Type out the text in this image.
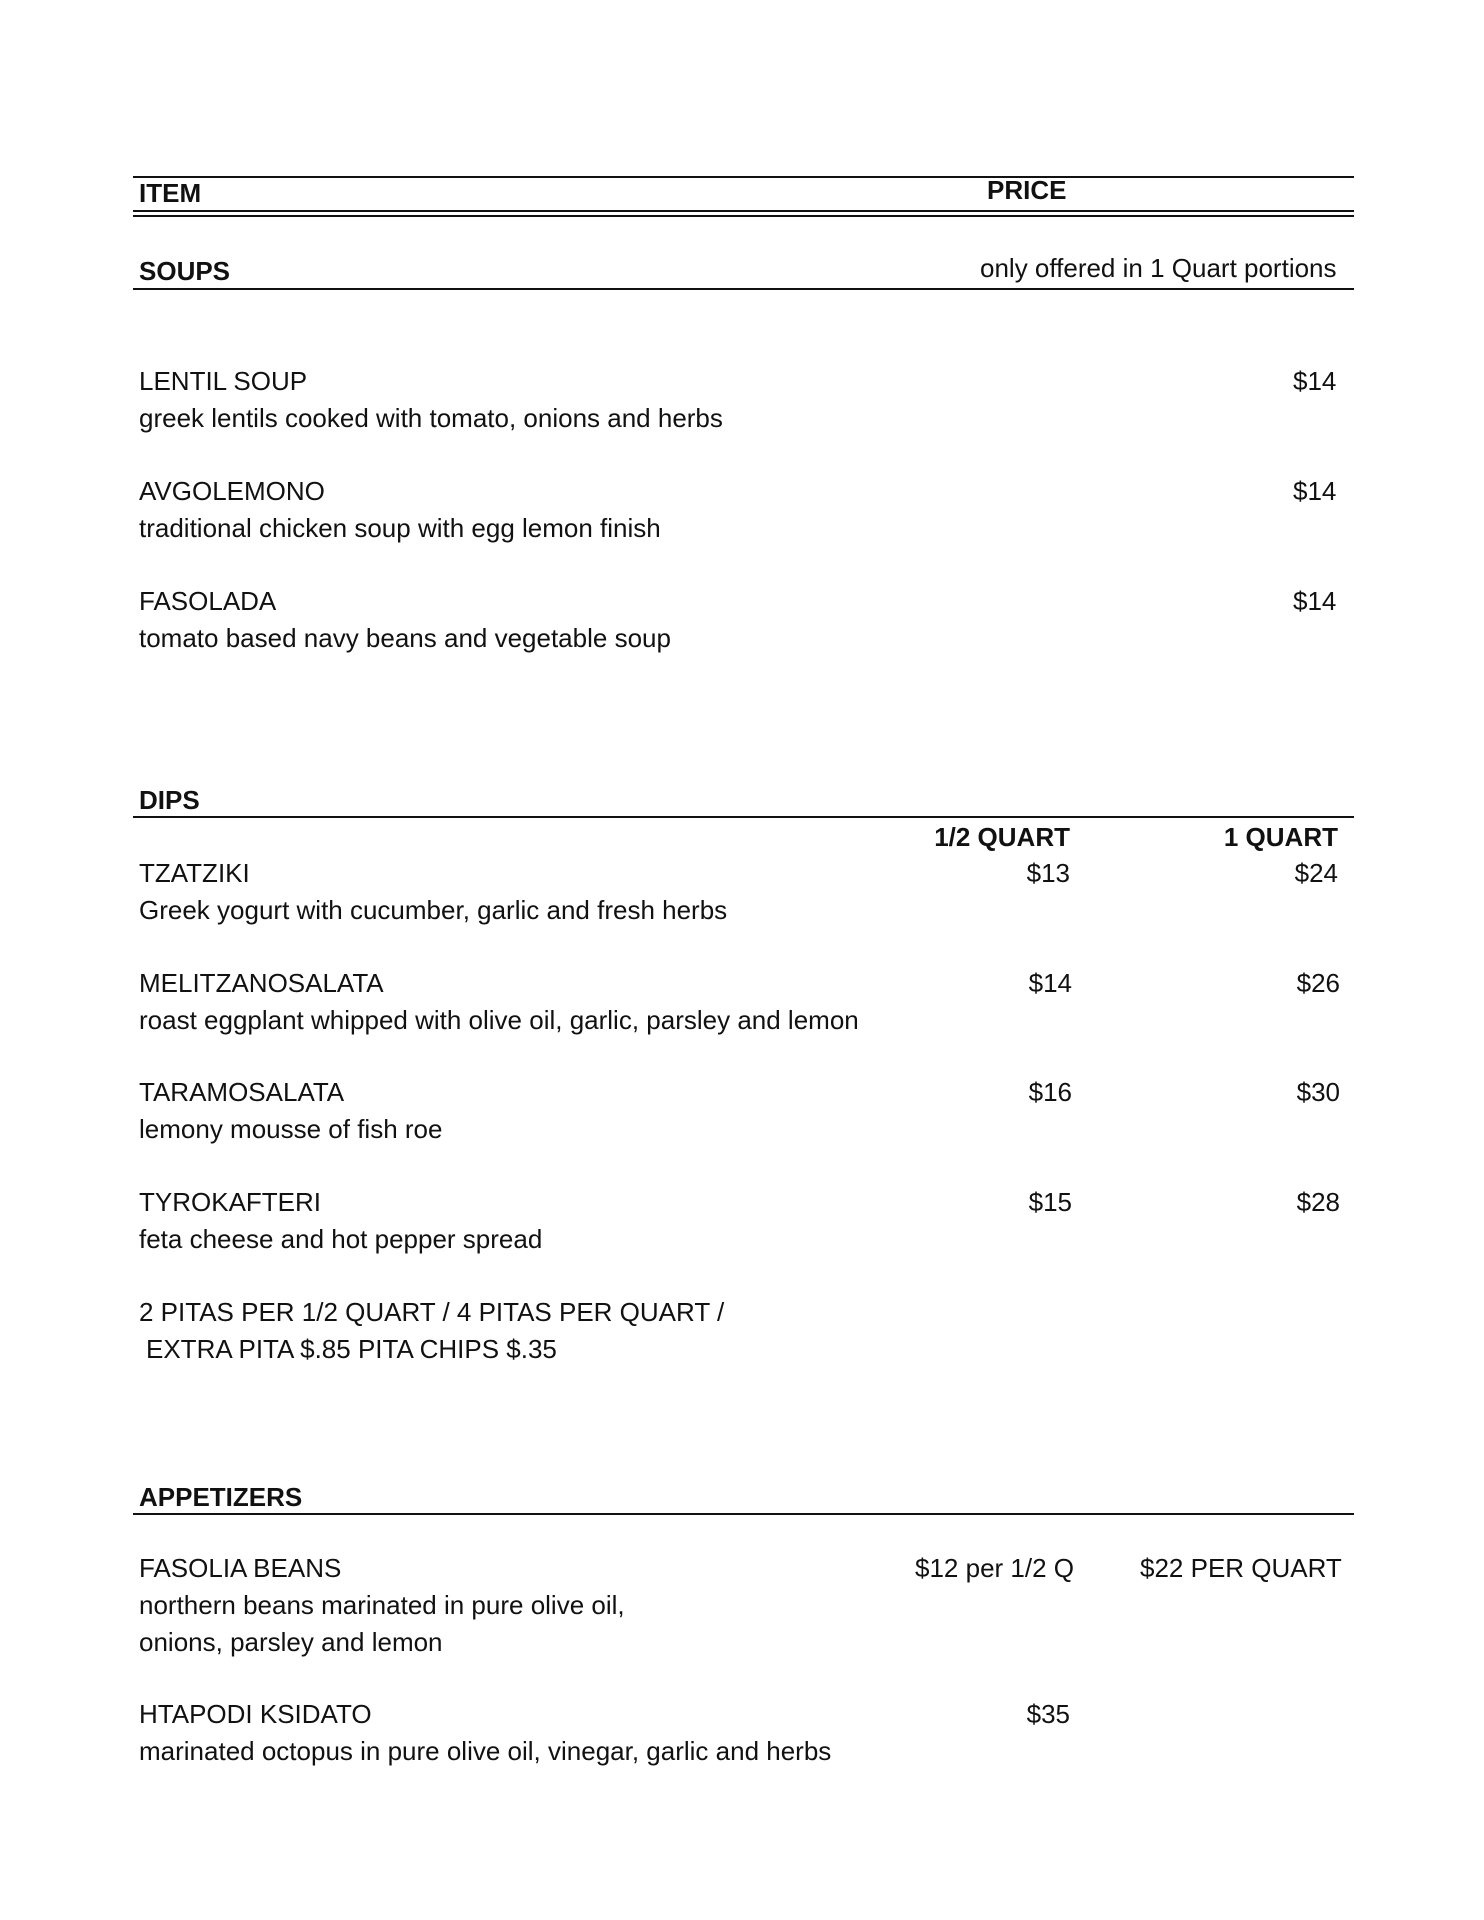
ITEM	PRICE
SOUPS	only offered in 1 Quart portions
LENTIL SOUP	$14
greek lentils cooked with tomato, onions and herbs
AVGOLEMONO	$14
traditional chicken soup with egg lemon finish
FASOLADA	$14
tomato based navy beans and vegetable soup
DIPS
1/2 QUART	1 QUART
TZATZIKI	$13	$24
Greek yogurt with cucumber, garlic and fresh herbs
MELITZANOSALATA	$14	$26
roast eggplant whipped with olive oil, garlic, parsley and lemon
TARAMOSALATA	$16	$30
lemony mousse of fish roe
TYROKAFTERI	$15	$28
feta cheese and hot pepper spread
2 PITAS PER 1/2 QUART / 4 PITAS PER QUART /
EXTRA PITA $.85 PITA CHIPS $.35
APPETIZERS
FASOLIA BEANS	$12 per 1/2 Q	$22 PER QUART
northern beans marinated in pure olive oil,
onions, parsley and lemon
HTAPODI KSIDATO	$35
marinated octopus in pure olive oil, vinegar, garlic and herbs
